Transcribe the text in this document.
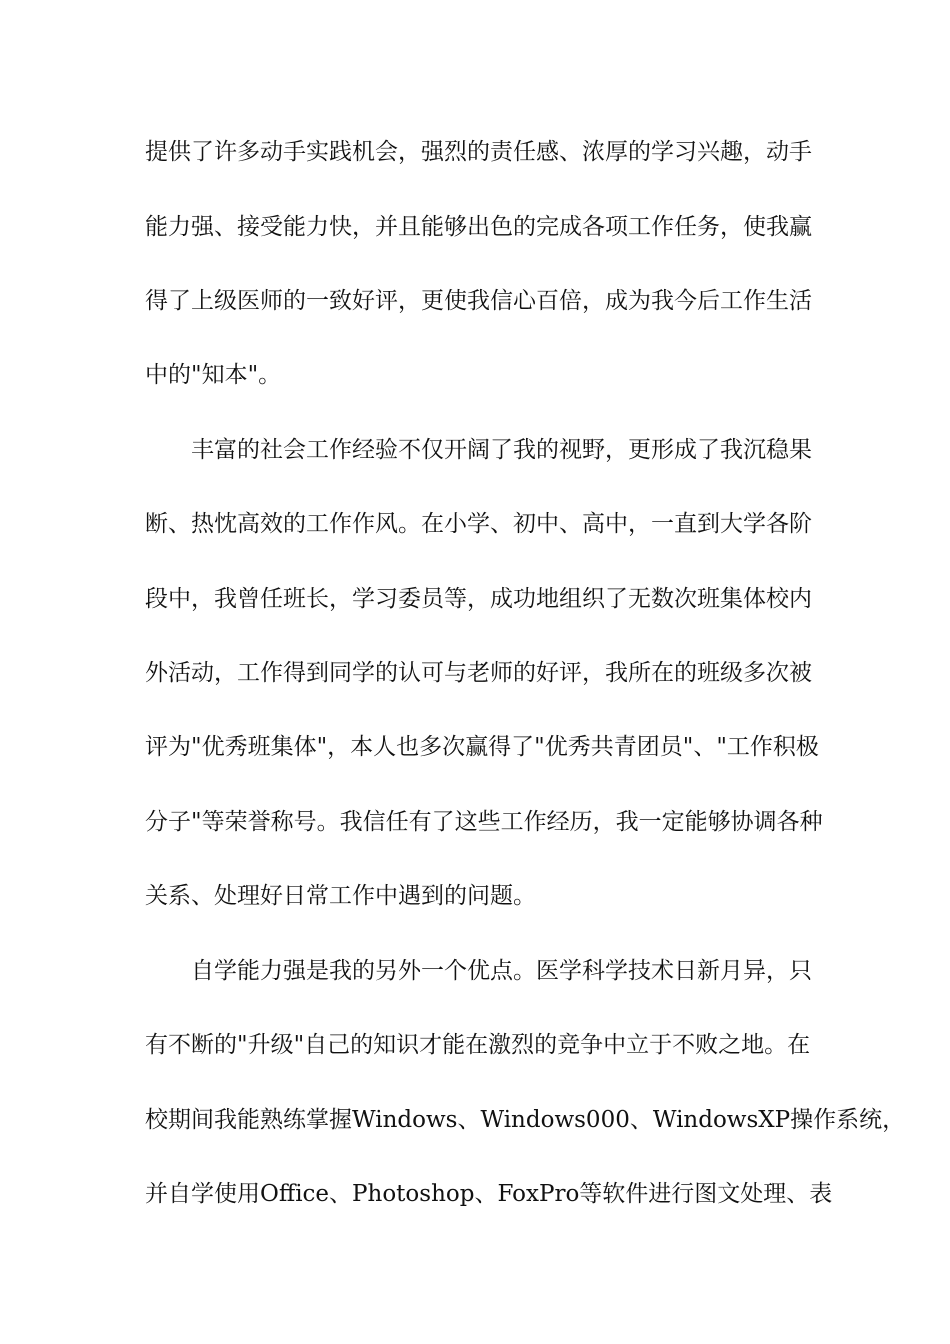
提供了许多动手实践机会，强烈的责任感、浓厚的学习兴趣，动手
能力强、接受能力快，并且能够出色的完成各项工作任务，使我赢
得了上级医师的一致好评，更使我信心百倍，成为我今后工作生活
中的"知本"。
丰富的社会工作经验不仅开阔了我的视野，更形成了我沉稳果
断、热忱高效的工作作风。在小学、初中、高中，一直到大学各阶
段中，我曾任班长，学习委员等，成功地组织了无数次班集体校内
外活动，工作得到同学的认可与老师的好评，我所在的班级多次被
评为"优秀班集体"，本人也多次赢得了"优秀共青团员"、"工作积极
分子"等荣誉称号。我信任有了这些工作经历，我一定能够协调各种
关系、处理好日常工作中遇到的问题。
自学能力强是我的另外一个优点。医学科学技术日新月异，只
有不断的"升级"自己的知识才能在激烈的竞争中立于不败之地。在
校期间我能熟练掌握Windows、Windows000、WindowsXP操作系统，
并自学使用Office、Photoshop、FoxPro等软件进行图文处理、表
